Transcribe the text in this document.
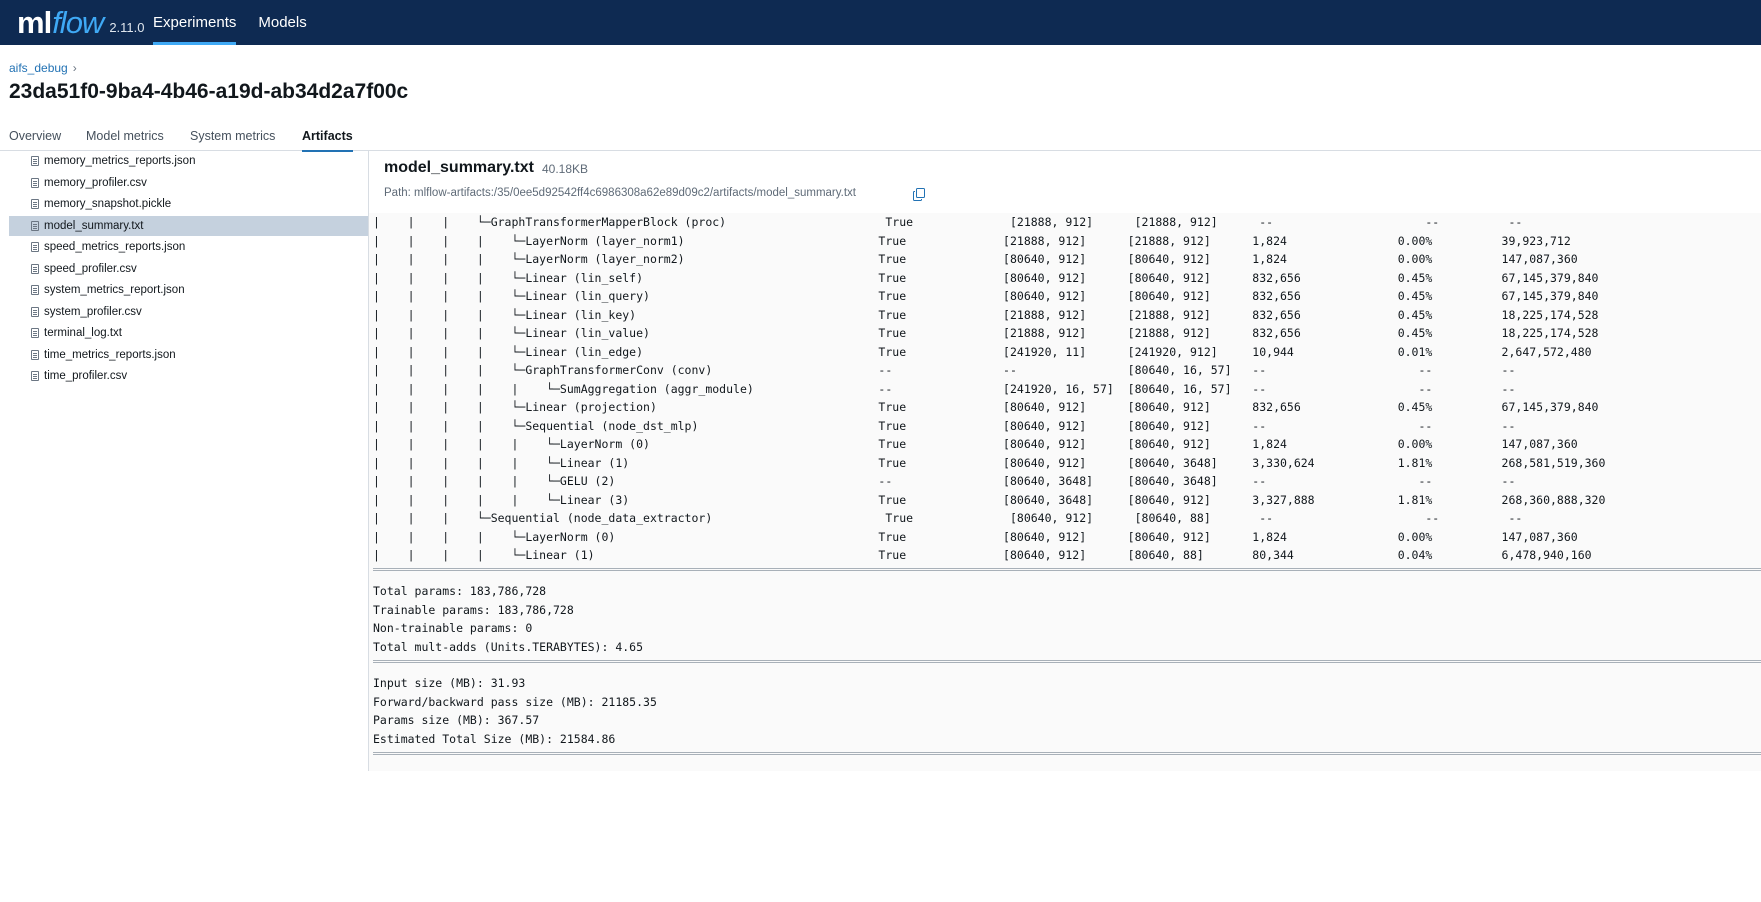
ml flow 2.11.0 Experiments Models
aifs_debug ›
23da51f0-9ba4-4b46-a19d-ab34d2a7f00c
Overview Model metrics System metrics Artifacts
memory_metrics_reports.json
memory_profiler.csv
memory_snapshot.pickle
model_summary.txt
speed_metrics_reports.json
speed_profiler.csv
system_metrics_report.json
system_profiler.csv
terminal_log.txt
time_metrics_reports.json
time_profiler.csv
model_summary.txt 40.18KB
Path: mlflow-artifacts:/35/0ee5d92542ff4c6986308a62e89d09c2/artifacts/model_summary.txt
|    |    |    └─GraphTransformerMapperBlock (proc)                       True              [21888, 912]      [21888, 912]      --                      --          --
|    |    |    |    └─LayerNorm (layer_norm1)                            True              [21888, 912]      [21888, 912]      1,824                0.00%          39,923,712
|    |    |    |    └─LayerNorm (layer_norm2)                            True              [80640, 912]      [80640, 912]      1,824                0.00%          147,087,360
|    |    |    |    └─Linear (lin_self)                                  True              [80640, 912]      [80640, 912]      832,656              0.45%          67,145,379,840
|    |    |    |    └─Linear (lin_query)                                 True              [80640, 912]      [80640, 912]      832,656              0.45%          67,145,379,840
|    |    |    |    └─Linear (lin_key)                                   True              [21888, 912]      [21888, 912]      832,656              0.45%          18,225,174,528
|    |    |    |    └─Linear (lin_value)                                 True              [21888, 912]      [21888, 912]      832,656              0.45%          18,225,174,528
|    |    |    |    └─Linear (lin_edge)                                  True              [241920, 11]      [241920, 912]     10,944               0.01%          2,647,572,480
|    |    |    |    └─GraphTransformerConv (conv)                        --                --                [80640, 16, 57]   --                      --          --
|    |    |    |    |    └─SumAggregation (aggr_module)                  --                [241920, 16, 57]  [80640, 16, 57]   --                      --          --
|    |    |    |    └─Linear (projection)                                True              [80640, 912]      [80640, 912]      832,656              0.45%          67,145,379,840
|    |    |    |    └─Sequential (node_dst_mlp)                          True              [80640, 912]      [80640, 912]      --                      --          --
|    |    |    |    |    └─LayerNorm (0)                                 True              [80640, 912]      [80640, 912]      1,824                0.00%          147,087,360
|    |    |    |    |    └─Linear (1)                                    True              [80640, 912]      [80640, 3648]     3,330,624            1.81%          268,581,519,360
|    |    |    |    |    └─GELU (2)                                      --                [80640, 3648]     [80640, 3648]     --                      --          --
|    |    |    |    |    └─Linear (3)                                    True              [80640, 3648]     [80640, 912]      3,327,888            1.81%          268,360,888,320
|    |    |    └─Sequential (node_data_extractor)                         True              [80640, 912]      [80640, 88]       --                      --          --
|    |    |    |    └─LayerNorm (0)                                      True              [80640, 912]      [80640, 912]      1,824                0.00%          147,087,360
|    |    |    |    └─Linear (1)                                         True              [80640, 912]      [80640, 88]       80,344               0.04%          6,478,940,160
Total params: 183,786,728
Trainable params: 183,786,728
Non-trainable params: 0
Total mult-adds (Units.TERABYTES): 4.65
Input size (MB): 31.93
Forward/backward pass size (MB): 21185.35
Params size (MB): 367.57
Estimated Total Size (MB): 21584.86
